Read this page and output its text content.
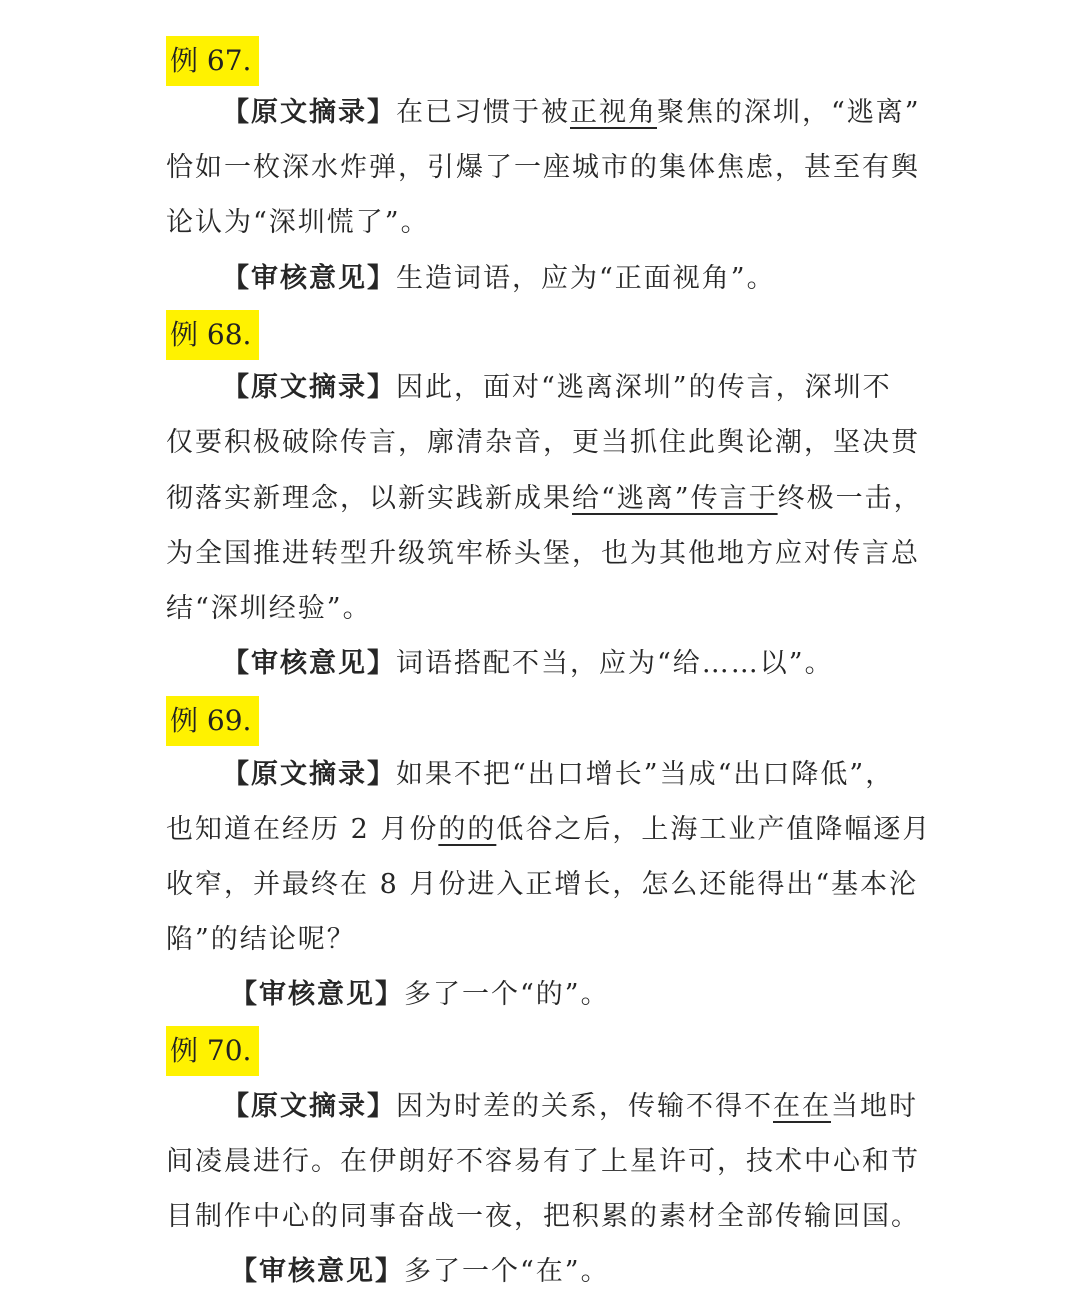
例 67.
【原文摘录】在已习惯于被正视角聚焦的深圳，“逃离”
恰如一枚深水炸弹，引爆了一座城市的集体焦虑，甚至有舆
论认为“深圳慌了”。
【审核意见】生造词语，应为“正面视角”。
例 68.
【原文摘录】因此，面对“逃离深圳”的传言，深圳不
仅要积极破除传言，廓清杂音，更当抓住此舆论潮，坚决贯
彻落实新理念，以新实践新成果给“逃离”传言于终极一击，
为全国推进转型升级筑牢桥头堡，也为其他地方应对传言总
结“深圳经验”。
【审核意见】词语搭配不当，应为“给……以”。
例 69.
【原文摘录】如果不把“出口增长”当成“出口降低”，
也知道在经历 2 月份的的低谷之后，上海工业产值降幅逐月
收窄，并最终在 8 月份进入正增长，怎么还能得出“基本沦
陷”的结论呢？
【审核意见】多了一个“的”。
例 70.
【原文摘录】因为时差的关系，传输不得不在在当地时
间凌晨进行。在伊朗好不容易有了上星许可，技术中心和节
目制作中心的同事奋战一夜，把积累的素材全部传输回国。
【审核意见】多了一个“在”。
